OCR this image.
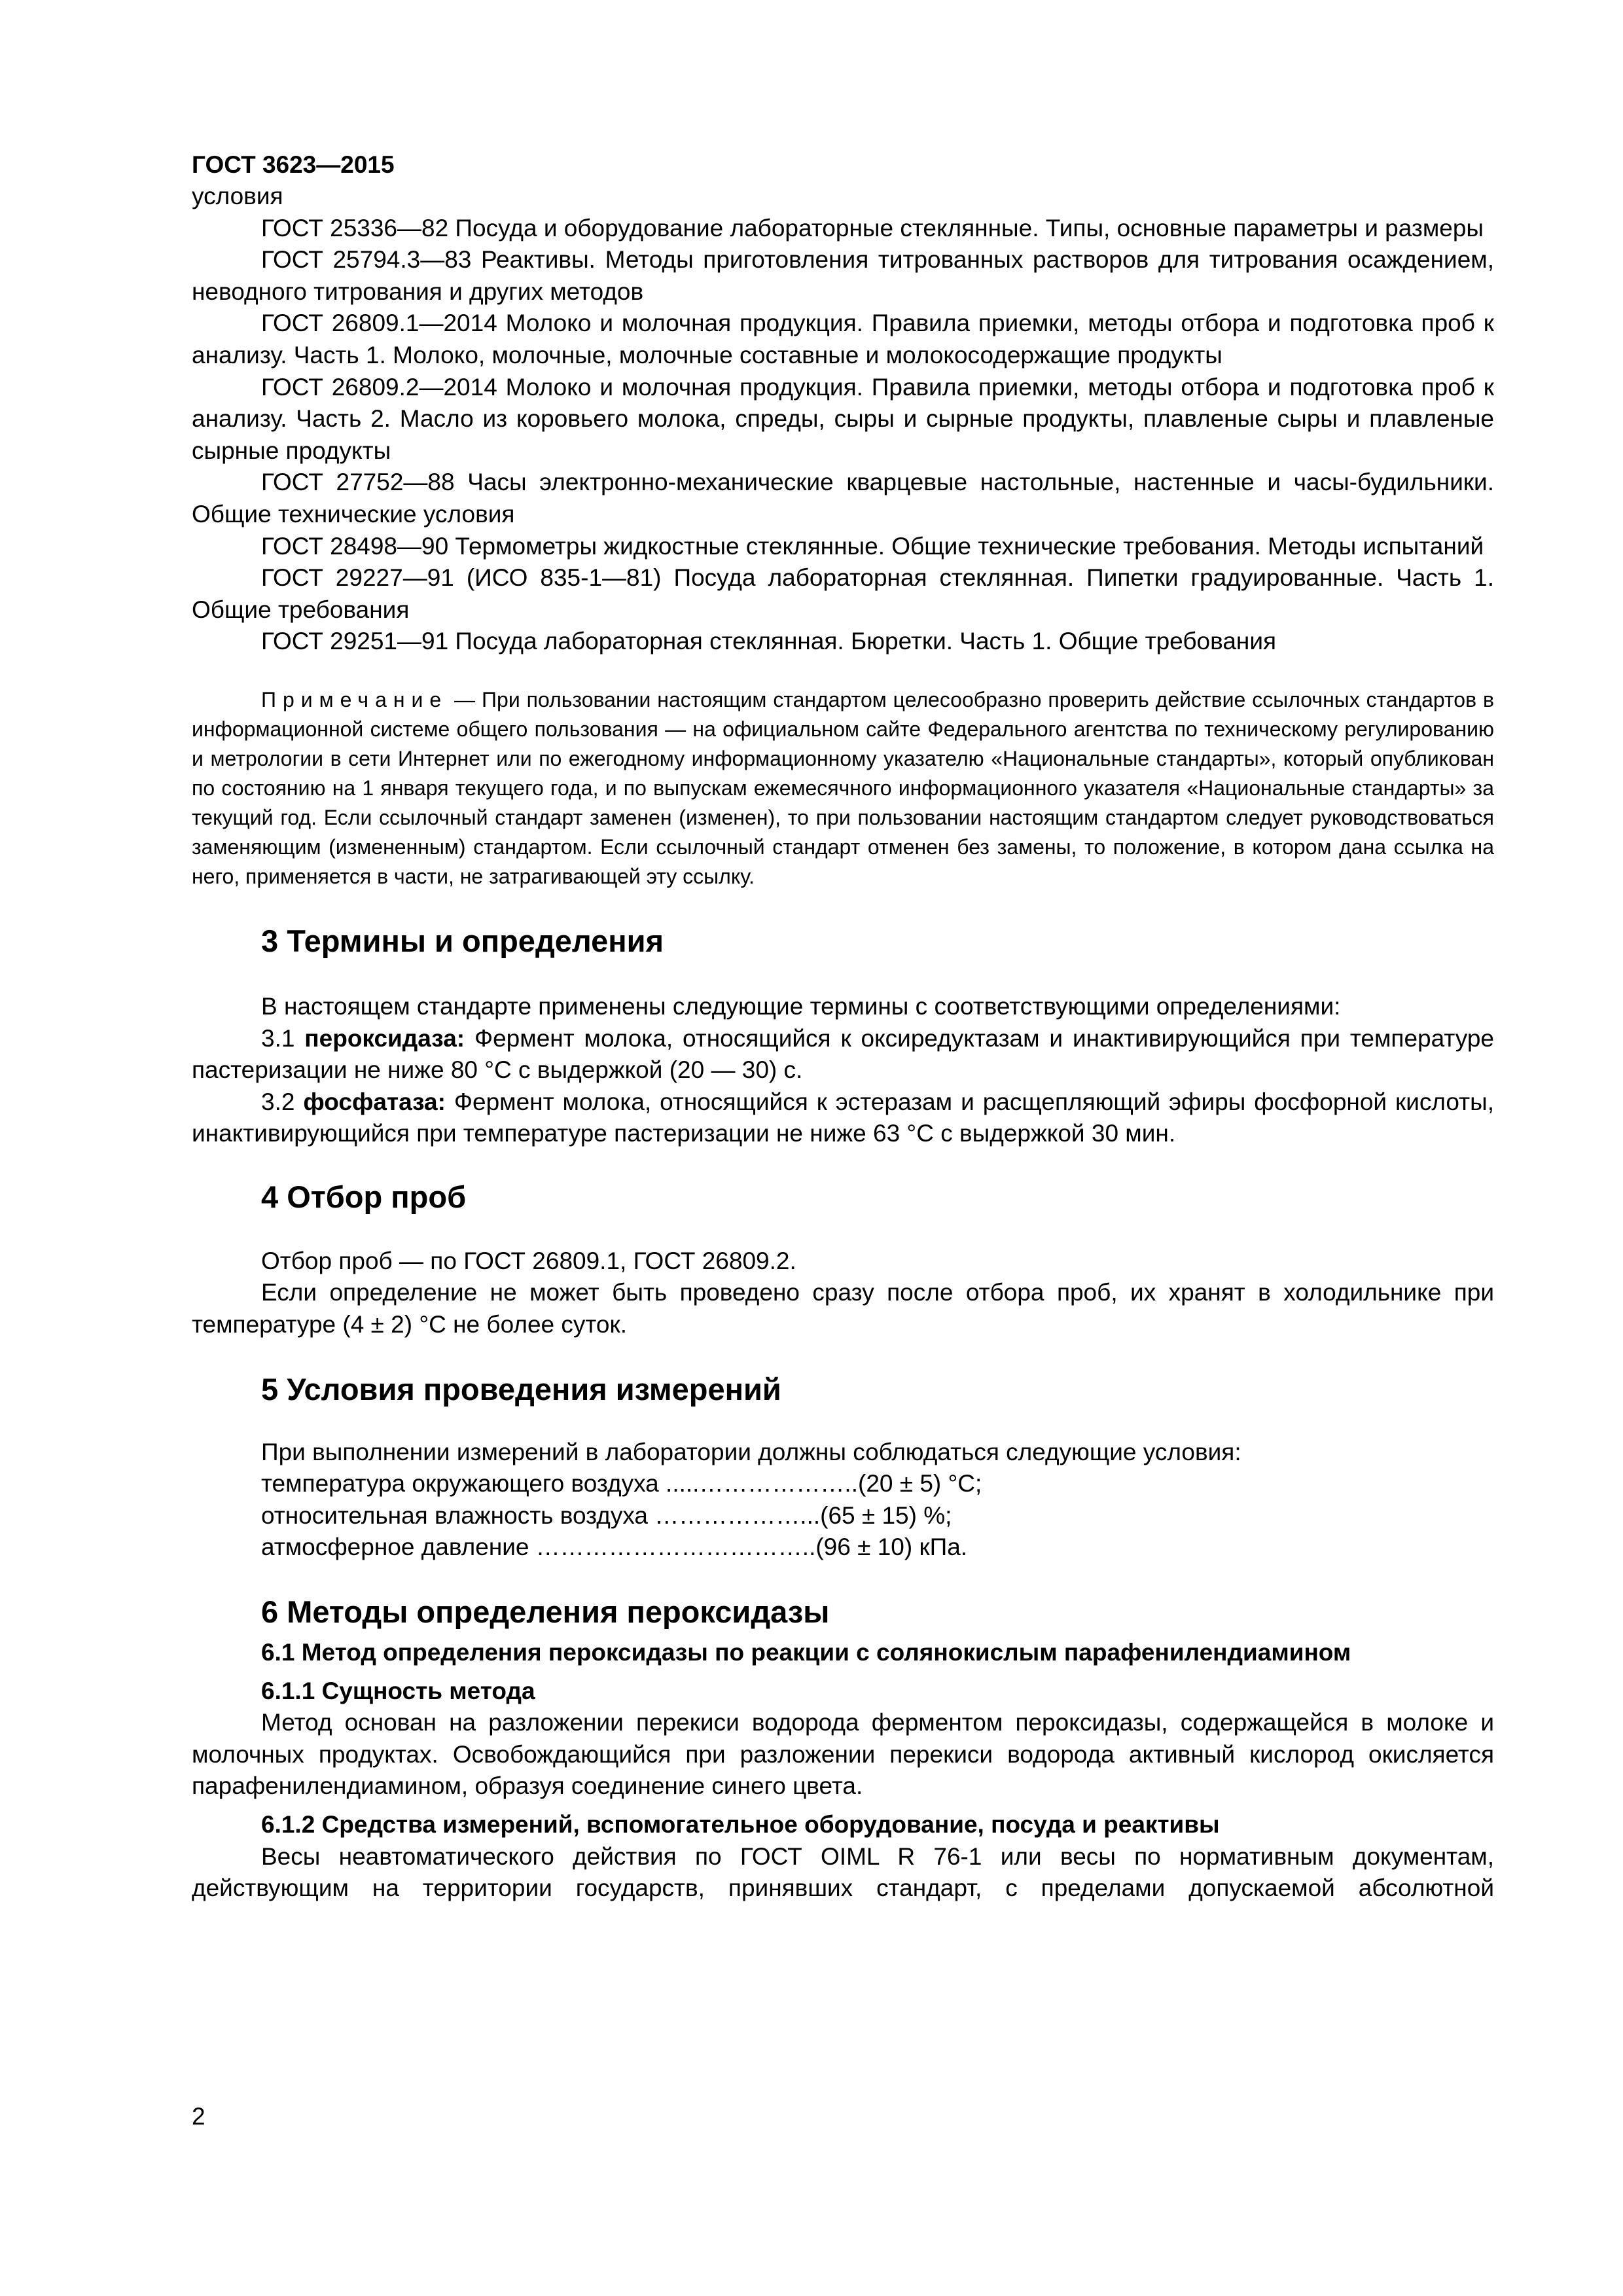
ГОСТ 3623—2015

условия

ГОСТ 25336—82 Посуда и оборудование лабораторные стеклянные. Типы, основные параметры и размеры

ГОСТ 25794.3—83 Реактивы. Методы приготовления титрованных растворов для титрования осаждением, неводного титрования и других методов

ГОСТ 26809.1—2014 Молоко и молочная продукция. Правила приемки, методы отбора и подготовка проб к анализу. Часть 1. Молоко, молочные, молочные составные и молокосодержащие продукты

ГОСТ 26809.2—2014 Молоко и молочная продукция. Правила приемки, методы отбора и подготовка проб к анализу. Часть 2. Масло из коровьего молока, спреды, сыры и сырные продукты, плавленые сыры и плавленые сырные продукты

ГОСТ 27752—88 Часы электронно-механические кварцевые настольные, настенные и часы-будильники. Общие технические условия

ГОСТ 28498—90 Термометры жидкостные стеклянные. Общие технические требования. Методы испытаний

ГОСТ 29227—91 (ИСО 835-1—81) Посуда лабораторная стеклянная. Пипетки градуированные. Часть 1. Общие требования

ГОСТ 29251—91 Посуда лабораторная стеклянная. Бюретки. Часть 1. Общие требования

Примечание — При пользовании настоящим стандартом целесообразно проверить действие ссылочных стандартов в информационной системе общего пользования — на официальном сайте Федерального агентства по техническому регулированию и метрологии в сети Интернет или по ежегодному информационному указателю «Национальные стандарты», который опубликован по состоянию на 1 января текущего года, и по выпускам ежемесячного информационного указателя «Национальные стандарты» за текущий год. Если ссылочный стандарт заменен (изменен), то при пользовании настоящим стандартом следует руководствоваться заменяющим (измененным) стандартом. Если ссылочный стандарт отменен без замены, то положение, в котором дана ссылка на него, применяется в части, не затрагивающей эту ссылку.

3 Термины и определения

В настоящем стандарте применены следующие термины с соответствующими определениями:

3.1 пероксидаза: Фермент молока, относящийся к оксиредуктазам и инактивирующийся при температуре пастеризации не ниже 80 °С с выдержкой (20 — 30) с.

3.2 фосфатаза: Фермент молока, относящийся к эстеразам и расщепляющий эфиры фосфорной кислоты, инактивирующийся при температуре пастеризации не ниже 63 °С с выдержкой 30 мин.

4 Отбор проб

Отбор проб — по ГОСТ 26809.1, ГОСТ 26809.2.

Если определение не может быть проведено сразу после отбора проб, их хранят в холодильнике при температуре (4 ± 2) °С не более суток.

5 Условия проведения измерений

При выполнении измерений в лаборатории должны соблюдаться следующие условия:

температура окружающего воздуха .....………………..(20 ± 5) °С;

относительная влажность воздуха ………………...(65 ± 15) %;

атмосферное давление ……………………………..(96 ± 10) кПа.

6 Методы определения пероксидазы
6.1 Метод определения пероксидазы по реакции с солянокислым парафенилендиамином
6.1.1 Сущность метода

Метод основан на разложении перекиси водорода ферментом пероксидазы, содержащейся в молоке и молочных продуктах. Освобождающийся при разложении перекиси водорода активный кислород окисляется парафенилендиамином, образуя соединение синего цвета.

6.1.2 Средства измерений, вспомогательное оборудование, посуда и реактивы

Весы неавтоматического действия по ГОСТ OIML R 76-1 или весы по нормативным документам, действующим на территории государств, принявших стандарт, с пределами допускаемой абсолютной

2
